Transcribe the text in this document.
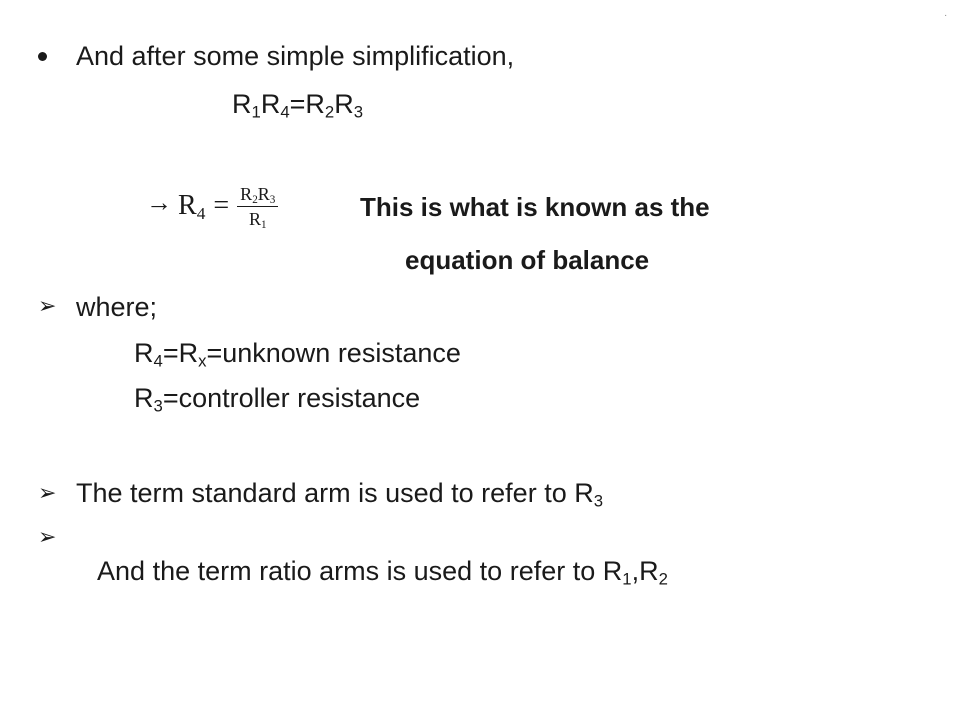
·
And after some simple simplification,
$R_1R_4=R_2R_3$
→ $R_4 = \frac{R_2R_3}{R_1}$	This is what is known as the
equation of balance
➢ where;
$R_4=R_x=unknown$ resistance
$R_3=controller$ resistance
➢ The term standard arm is used to refer to $R_3$
➢

And the term ratio arms is used to refer to $R_1,R_2$
